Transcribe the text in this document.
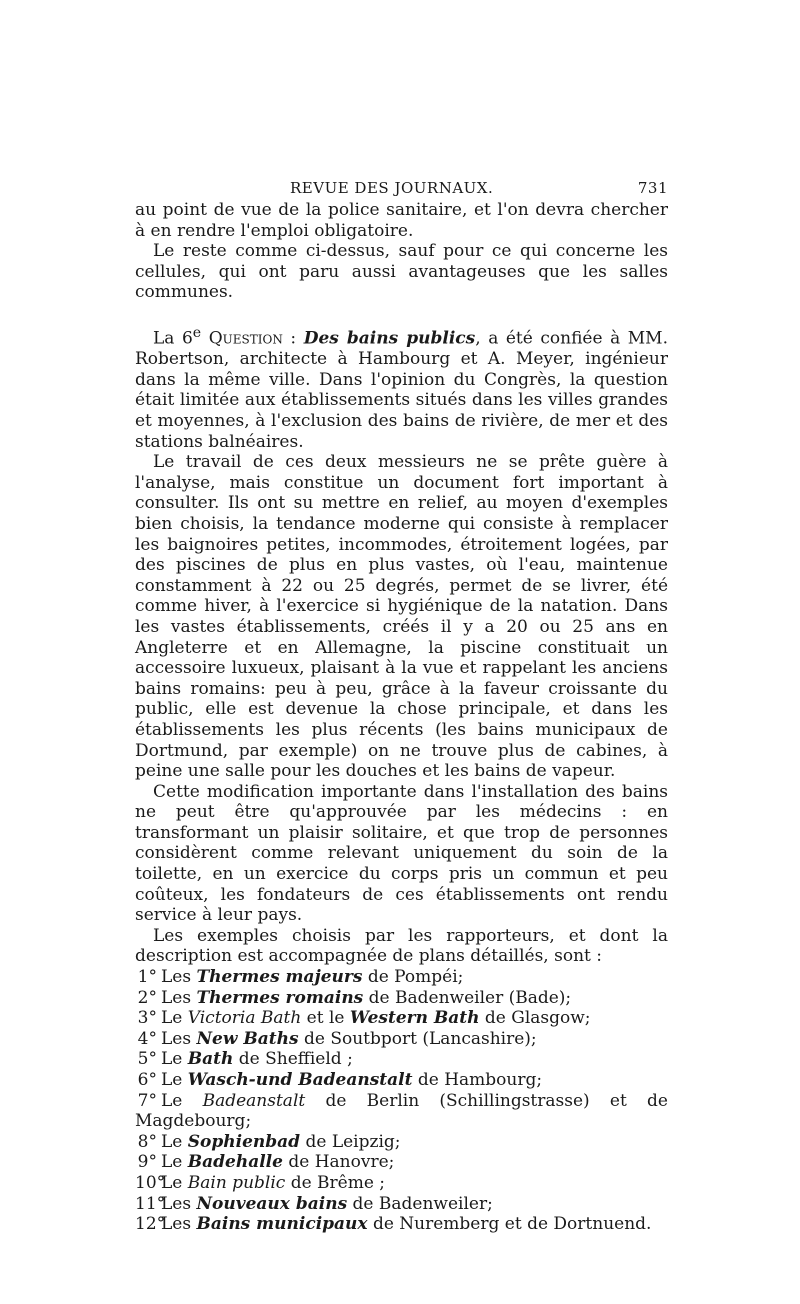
REVUE DES JOURNAUX.	731

au point de vue de la police sanitaire, et l'on devra chercher à en rendre l'emploi obligatoire.

Le reste comme ci-dessus, sauf pour ce qui concerne les cellules, qui ont paru aussi avantageuses que les salles communes.

La 6e Question : Des bains publics, a été confiée à MM. Robertson, architecte à Hambourg et A. Meyer, ingénieur dans la même ville. Dans l'opinion du Congrès, la question était limitée aux établissements situés dans les villes grandes et moyennes, à l'exclusion des bains de rivière, de mer et des stations balnéaires.

Le travail de ces deux messieurs ne se prête guère à l'analyse, mais constitue un document fort important à consulter. Ils ont su mettre en relief, au moyen d'exemples bien choisis, la tendance moderne qui consiste à remplacer les baignoires petites, incommodes, étroitement logées, par des piscines de plus en plus vastes, où l'eau, maintenue constamment à 22 ou 25 degrés, permet de se livrer, été comme hiver, à l'exercice si hygiénique de la natation. Dans les vastes établissements, créés il y a 20 ou 25 ans en Angleterre et en Allemagne, la piscine constituait un accessoire luxueux, plaisant à la vue et rappelant les anciens bains romains: peu à peu, grâce à la faveur croissante du public, elle est devenue la chose principale, et dans les établissements les plus récents (les bains municipaux de Dortmund, par exemple) on ne trouve plus de cabines, à peine une salle pour les douches et les bains de vapeur.

Cette modification importante dans l'installation des bains ne peut être qu'approuvée par les médecins : en transformant un plaisir solitaire, et que trop de personnes considèrent comme relevant uniquement du soin de la toilette, en un exercice du corps pris un commun et peu coûteux, les fondateurs de ces établissements ont rendu service à leur pays.

Les exemples choisis par les rapporteurs, et dont la description est accompagnée de plans détaillés, sont :

1° Les Thermes majeurs de Pompéi;
2° Les Thermes romains de Badenweiler (Bade);
3° Le Victoria Bath et le Western Bath de Glasgow;
4° Les New Baths de Soutbport (Lancashire);
5° Le Bath de Sheffield ;
6° Le Wasch-und Badeanstalt de Hambourg;
7° Le Badeanstalt de Berlin (Schillingstrasse) et de Magdebourg;
8° Le Sophienbad de Leipzig;
9° Le Badehalle de Hanovre;
10°Le Bain public de Brême ;
11°Les Nouveaux bains de Badenweiler;
12°Les Bains municipaux de Nuremberg et de Dortnuend.
